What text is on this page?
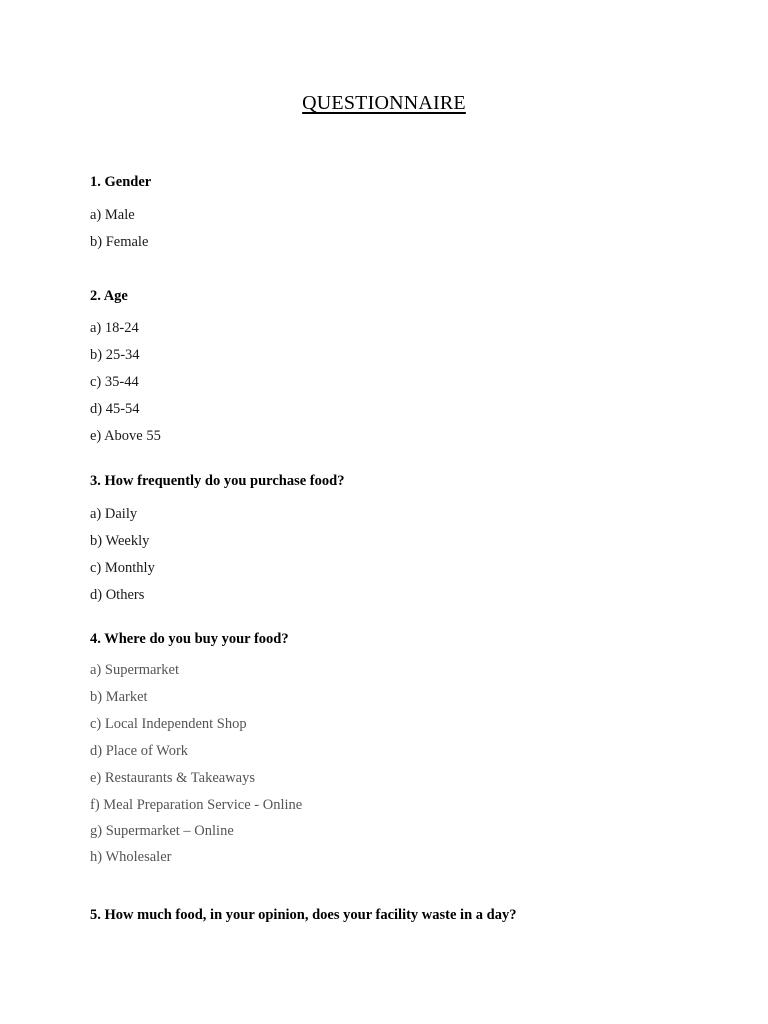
QUESTIONNAIRE
1. Gender
a) Male
b) Female
2. Age
a) 18-24
b) 25-34
c) 35-44
d) 45-54
e) Above 55
3. How frequently do you purchase food?
a) Daily
b) Weekly
c) Monthly
d) Others
4. Where do you buy your food?
a) Supermarket
b) Market
c) Local Independent Shop
d) Place of Work
e) Restaurants & Takeaways
f) Meal Preparation Service - Online
g) Supermarket – Online
h) Wholesaler
5. How much food, in your opinion, does your facility waste in a day?
